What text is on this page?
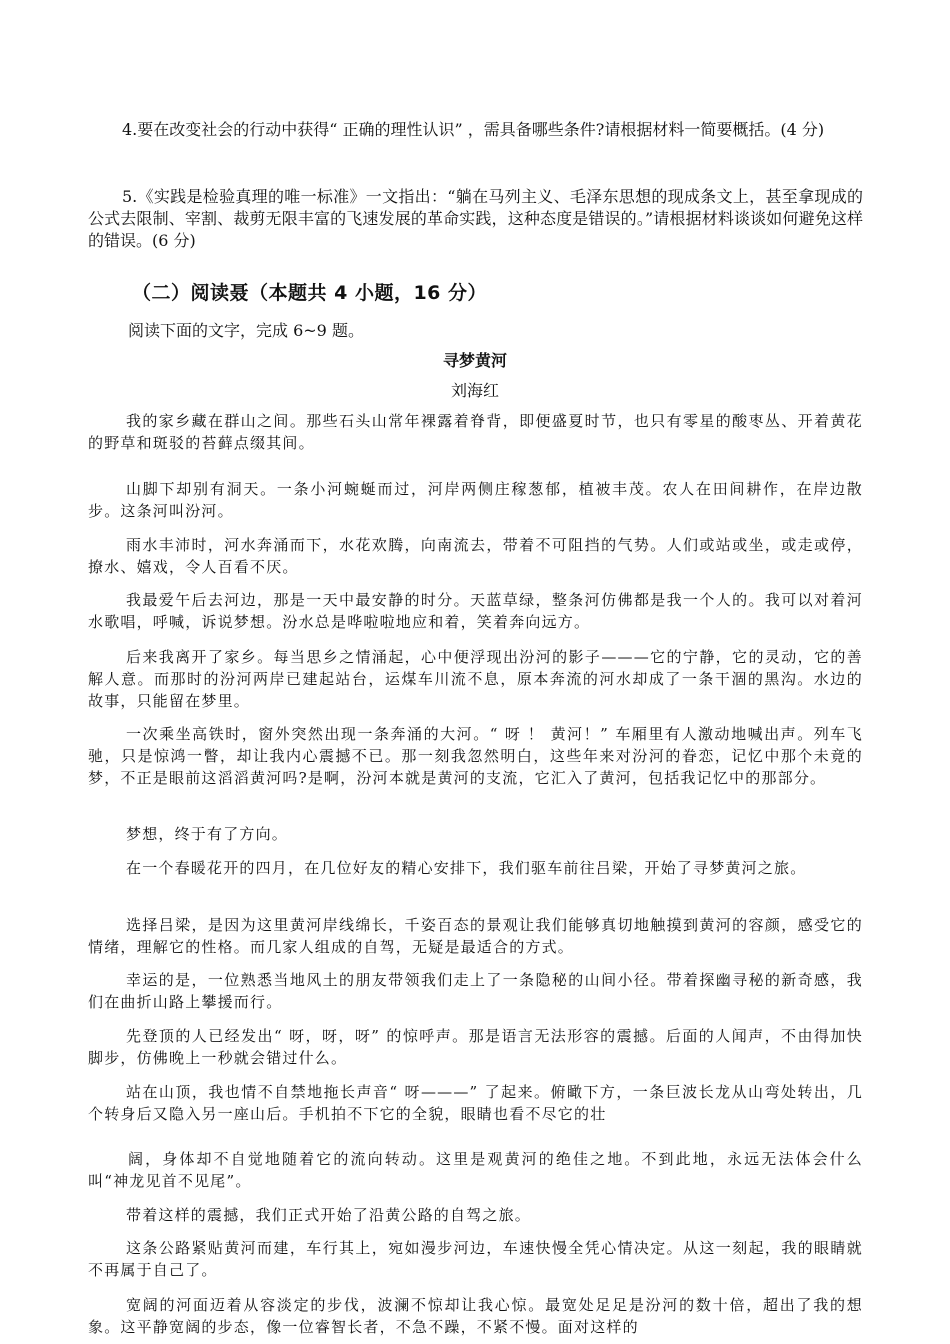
4.要在改变社会的行动中获得“ 正确的理性认识” ，需具备哪些条件?请根据材料一简要概括。(4 分)

5.《实践是检验真理的唯一标准》一文指出：“躺在马列主义、毛泽东思想的现成条文上，甚至拿现成的公式去限制、宰割、裁剪无限丰富的飞速发展的革命实践，这种态度是错误的。”请根据材料谈谈如何避免这样的错误。(6 分)

（二）阅读聂（本题共 4 小题，16 分）

阅读下面的文字，完成 6~9 题。

寻梦黄河

刘海红

我的家乡藏在群山之间。那些石头山常年裸露着脊背，即便盛夏时节，也只有零星的酸枣丛、开着黄花的野草和斑驳的苔藓点缀其间。

山脚下却别有洞天。一条小河蜿蜒而过，河岸两侧庄稼葱郁，植被丰茂。农人在田间耕作，在岸边散步。这条河叫汾河。

雨水丰沛时，河水奔涌而下，水花欢腾，向南流去，带着不可阻挡的气势。人们或站或坐，或走或停，撩水、嬉戏，令人百看不厌。

我最爱午后去河边，那是一天中最安静的时分。天蓝草绿，整条河仿佛都是我一个人的。我可以对着河水歌唱，呼喊，诉说梦想。汾水总是哗啦啦地应和着，笑着奔向远方。

后来我离开了家乡。每当思乡之情涌起，心中便浮现出汾河的影子———它的宁静，它的灵动，它的善解人意。而那时的汾河两岸已建起站台，运煤车川流不息，原本奔流的河水却成了一条干涸的黑沟。水边的故事，只能留在梦里。

一次乘坐高铁时，窗外突然出现一条奔涌的大河。“ 呀 ！ 黄河！” 车厢里有人激动地喊出声。列车飞驰，只是惊鸿一瞥，却让我内心震撼不已。那一刻我忽然明白，这些年来对汾河的眷恋，记忆中那个未竟的梦，不正是眼前这滔滔黄河吗?是啊，汾河本就是黄河的支流，它汇入了黄河，包括我记忆中的那部分。

梦想，终于有了方向。

在一个春暖花开的四月，在几位好友的精心安排下，我们驱车前往吕梁，开始了寻梦黄河之旅。

选择吕梁，是因为这里黄河岸线绵长，千姿百态的景观让我们能够真切地触摸到黄河的容颜，感受它的情绪，理解它的性格。而几家人组成的自驾，无疑是最适合的方式。

幸运的是，一位熟悉当地风土的朋友带领我们走上了一条隐秘的山间小径。带着探幽寻秘的新奇感，我们在曲折山路上攀援而行。

先登顶的人已经发出“ 呀，呀，呀” 的惊呼声。那是语言无法形容的震撼。后面的人闻声，不由得加快脚步，仿佛晚上一秒就会错过什么。

站在山顶，我也情不自禁地拖长声音“ 呀———” 了起来。俯瞰下方，一条巨波长龙从山弯处转出，几个转身后又隐入另一座山后。手机拍不下它的全貌，眼睛也看不尽它的壮

阔，身体却不自觉地随着它的流向转动。这里是观黄河的绝佳之地。不到此地，永远无法体会什么叫“神龙见首不见尾”。

带着这样的震撼，我们正式开始了沿黄公路的自驾之旅。

这条公路紧贴黄河而建，车行其上，宛如漫步河边，车速快慢全凭心情决定。从这一刻起，我的眼睛就不再属于自己了。

宽阔的河面迈着从容淡定的步伐，波澜不惊却让我心惊。最宽处足足是汾河的数十倍，超出了我的想象。这平静宽阔的步态，像一位睿智长者，不急不躁，不紧不慢。面对这样的
